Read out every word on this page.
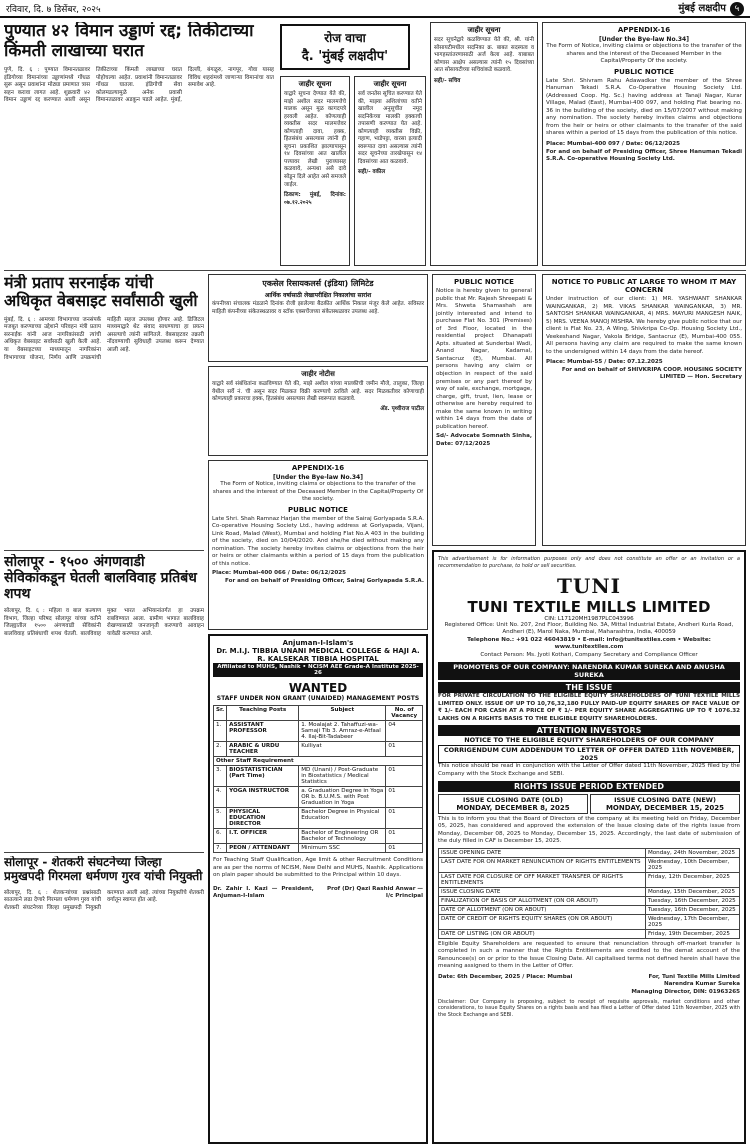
रविवार, दि. ७ डिसेंबर, २०२५	मुंबई लक्षदीप ५
पुण्यात ४२ विमान उड्डाणं रद्द; तिकीटाच्या किंमती लाखाच्या घरात
पुणे, दि. ६ : पुण्यात विमानतळावर इंडिगोच्या विमानांच्या उड्डाणांमध्ये गोंधळ सुरू असून प्रवाशांना मोठ्या प्रमाणात त्रास सहन करावा लागत आहे. शुक्रवारी ४२ विमान उड्डाणं रद्द करण्यात आली असून तिकीटाच्या किंमती लाखाच्या घरात पोहोचल्या आहेत. प्रवाशांनी विमानतळावर गोंधळ घातला. इंडिगोची सेवा कोलमडल्यामुळे अनेक प्रवासी विमानतळावर अडकून पडले आहेत. मुंबई, दिल्ली, बंगळुरु, नागपूर, गोवा यासह विविध शहरांमध्ये जाणाऱ्या विमानांचा यात समावेश आहे.
रोज वाचा
दै. 'मुंबई लक्षदीप'
जाहीर सूचना
याद्वारे सूचना देण्यात येते की, माझे अशील सदर मालमत्तेचे मालक असून मूळ कागदपत्रे हरवली आहेत. कोणत्याही व्यक्तीस सदर मालमत्तेवर कोणताही दावा, हक्क, हितसंबंध असल्यास त्यांनी ही सूचना प्रकाशित झाल्यापासून १४ दिवसांच्या आत खालील पत्त्यावर लेखी पुराव्यासह कळवावे, अन्यथा असे दावे सोडून दिले आहेत असे समजले जाईल.
ठिकाण: मुंबई, दिनांक: ०७.१२.२०२५
जाहीर सूचना
सर्व जनतेस सूचित करण्यात येते की, माझ्या अशिलांच्या वतीने खालील अनुसूचीत नमूद सदनिकेच्या मालकी हक्काची तपासणी करण्यात येत आहे. कोणत्याही व्यक्तीस विक्री, गहाण, भाडेपट्टा, वारसा इत्यादी स्वरूपात दावा असल्यास त्यांनी सदर सूचनेच्या तारखेपासून १४ दिवसांच्या आत कळवावे.
सही/- वकील
जाहीर सूचना
सदर सूचनेद्वारे कळविण्यात येते की, श्री. यांनी सोसायटीमधील सदनिका क्र. बाबत सदस्यत्व व भागहस्तांतरणासाठी अर्ज केला आहे. याबाबत कोणास आक्षेप असल्यास त्यांनी १५ दिवसांच्या आत सोसायटीच्या सचिवांकडे कळवावे.
सही/- सचिव
APPENDIX-16
[Under the Bye-law No.34]
The Form of Notice, inviting claims or objections to the transfer of the shares and the interest of the Deceased Member in the Capital/Property Of the society.
PUBLIC NOTICE
Late Shri. Shivram Rahu Adawadkar the member of the Shree Hanuman Tekadi S.R.A. Co-Operative Housing Society Ltd. (Addressed Coop. Hg. Sc.) having address at Tanaji Nagar, Kurar Village, Malad (East), Mumbai-400 097, and holding Flat bearing no. 36 in the building of the society, died on 15/07/2007 without making any nomination. The society hereby invites claims and objections from the heir or heirs or other claimants to the transfer of the said shares within a period of 15 days from the publication of this notice.
Place: Mumbai-400 097 / Date: 06/12/2025
For and on behalf of Presiding Officer, Shree Hanuman Tekadi S.R.A. Co-operative Housing Society Ltd.
मंत्री प्रताप सरनाईक यांची अधिकृत वेबसाइट सर्वांसाठी खुली
मुंबई, दि. ६ : आमच्या विभागाच्या जनसंपर्क मजबूत करण्याच्या उद्देशाने परिवहन मंत्री प्रताप सरनाईक यांनी आज नागरिकांसाठी त्यांची अधिकृत वेबसाइट सर्वांसाठी खुली केली आहे. या वेबसाइटच्या माध्यमातून नागरिकांना विभागाच्या योजना, निर्णय आणि उपक्रमांची माहिती सहज उपलब्ध होणार आहे. डिजिटल माध्यमाद्वारे थेट संवाद साधण्याचा हा प्रयत्न असल्याचे त्यांनी सांगितले. वेबसाइटवर तक्रारी नोंदवण्याची सुविधाही उपलब्ध करून देण्यात आली आहे.
एकसेल रिसायकलर्स (इंडिया) लिमिटेड
आर्थिक वर्षासाठी लेखापरीक्षित निकालांचा सारांश
कंपनीच्या संचालक मंडळाने दिनांक रोजी झालेल्या बैठकीत आर्थिक निकाल मंजूर केले आहेत. सविस्तर माहिती कंपनीच्या संकेतस्थळावर व स्टॉक एक्सचेंजच्या संकेतस्थळावर उपलब्ध आहे.
जाहीर नोटीस
याद्वारे सर्व संबंधितांना कळविण्यात येते की, माझे अशील यांच्या मालकीची जमीन मौजे, तालुका, जिल्हा येथील सर्वे नं. ची असून सदर मिळकत विक्री करण्याचे ठरविले आहे. सदर मिळकतीवर कोणाचाही कोणत्याही प्रकारचा हक्क, हितसंबंध असल्यास लेखी स्वरूपात कळवावे.
ॲड. पृथ्वीराज पाटील
PUBLIC NOTICE
Notice is hereby given to general public that Mr. Rajesh Shreepati & Mrs. Shweta Shamashah are jointly interested and intend to purchase Flat No. 301 (Premises) of 3rd Floor, located in the residential project Dhanapati Apts. situated at Sunderbai Wadi, Anand Nagar, Kadamal, Santacruz (E), Mumbai. All persons having any claim or objection in respect of the said premises or any part thereof by way of sale, exchange, mortgage, charge, gift, trust, lien, lease or otherwise are hereby required to make the same known in writing within 14 days from the date of publication hereof.
Sd/- Advocate Somnath Sinha, Date: 07/12/2025
NOTICE TO PUBLIC AT LARGE TO WHOM IT MAY CONCERN
Under instruction of our client: 1) MR. YASHWANT SHANKAR WAINGANKAR, 2) MR. VIKAS SHANKAR WAINGANKAR, 3) MR. SANTOSH SHANKAR WAINGANKAR, 4) MRS. MAYURI MANGESH NAIK, 5) MRS. VEENA MANOJ MISHRA. We hereby give public notice that our client is Flat No. 23, A Wing, Shivkripa Co-Op. Housing Society Ltd., Veekeshand Nagar, Vakola Bridge, Santacruz (E), Mumbai-400 055. All persons having any claim are required to make the same known to the undersigned within 14 days from the date hereof.
Place: Mumbai-55 / Date: 07.12.2025
For and on behalf of SHIVKRIPA COOP. HOUSING SOCIETY LIMITED — Hon. Secretary
APPENDIX-16
[Under the Bye-law No.34]
The Form of Notice, inviting claims or objections to the transfer of the shares and the interest of the Deceased Member in the Capital/Property Of the society.
PUBLIC NOTICE
Late Shri. Shah Ramnaz Harjan the member of the Sairaj Gorlyapada S.R.A. Co-operative Housing Society Ltd., having address at Gorlyapada, Vijani, Link Road, Malad (West), Mumbai and holding Flat No.A 403 in the building of the society, died on 10/04/2020. And she/he died without making any nomination. The society hereby invites claims or objections from the heir or heirs or other claimants within a period of 15 days from the publication of this notice.
Place: Mumbai-400 066 / Date: 06/12/2025
For and on behalf of Presiding Officer, Sairaj Gorlyapada S.R.A.
सोलापूर - १५०० अंगणवाडी सेविकांकडून घेतली बालविवाह प्रतिबंध शपथ
सोलापूर, दि. ६ : महिला व बाल कल्याण विभाग, जिल्हा परिषद सोलापूर यांच्या वतीने जिल्ह्यातील १५०० अंगणवाडी सेविकांनी बालविवाह प्रतिबंधाची शपथ घेतली. बालविवाह मुक्त भारत अभियानांतर्गत हा उपक्रम राबविण्यात आला. ग्रामीण भागात बालविवाह रोखण्यासाठी जनजागृती करण्याचे आवाहन यावेळी करण्यात आले.
सोलापूर - शेतकरी संघटनेच्या जिल्हा प्रमुखपदी गिरमला धर्मणण गुरव यांची नियुक्ती
सोलापूर, दि. ६ : शेतकऱ्यांच्या प्रश्नांसाठी सातत्याने लढा देणारे गिरमला धर्मणण गुरव यांची शेतकरी संघटनेच्या जिल्हा प्रमुखपदी नियुक्ती करण्यात आली आहे. त्यांच्या नियुक्तीचे शेतकरी वर्गातून स्वागत होत आहे.
Anjuman-I-Islam's
Dr. M.I.J. TIBBIA UNANI MEDICAL COLLEGE & HAJI A. R. KALSEKAR TIBBIA HOSPITAL
Affiliated to MUHS, Nashik • NCISM AEE Grade-A Institute 2025-26
WANTED
STAFF UNDER NON GRANT (UNAIDED) MANAGEMENT POSTS
Sr.	Teaching Posts	Subject	No. of Vacancy
1.	ASSISTANT PROFESSOR	1. Moalajat 2. Tahaffuzi-wa-Samaji Tib 3. Amraz-e-Atfaal 4. Ilaj-Bit-Tadabeer	04
2.	ARABIC & URDU TEACHER	Kulliyat	01
Other Staff Requirement			
3.	BIOSTATISTICIAN (Part Time)	MD (Unani) / Post-Graduate in Biostatistics / Medical Statistics	01
4.	YOGA INSTRUCTOR	a. Graduation Degree in Yoga OR b. B.U.M.S. with Post Graduation in Yoga	01
5.	PHYSICAL EDUCATION DIRECTOR	Bachelor Degree in Physical Education	01
6.	I.T. OFFICER	Bachelor of Engineering OR Bachelor of Technology	01
7.	PEON / ATTENDANT	Minimum SSC	01
For Teaching Staff Qualification, Age limit & other Recruitment Conditions are as per the norms of NCISM, New Delhi and MUHS, Nashik. Applications on plain paper should be submitted to the Principal within 10 days.
Dr. Zahir I. Kazi — President, Anjuman-I-Islam
Prof (Dr) Qazi Rashid Anwar — I/c Principal
This advertisement is for information purposes only and does not constitute an offer or an invitation or a recommendation to purchase, to hold or sell securities.
TUNI
TUNI TEXTILE MILLS LIMITED
CIN: L17120MH1987PLC043996
Registered Office: Unit No. 207, 2nd Floor, Building No. 3A, Mittal Industrial Estate, Andheri Kurla Road, Andheri (E), Marol Naka, Mumbai, Maharashtra, India, 400059
Telephone No.: +91 022 46043819 • E-mail: info@tunitextiles.com • Website: www.tunitextiles.com
Contact Person: Ms. Jyoti Kothari, Company Secretary and Compliance Officer
PROMOTERS OF OUR COMPANY: NARENDRA KUMAR SUREKA AND ANUSHA SUREKA
THE ISSUE
FOR PRIVATE CIRCULATION TO THE ELIGIBLE EQUITY SHAREHOLDERS OF TUNI TEXTILE MILLS LIMITED ONLY. ISSUE OF UP TO 10,76,32,180 FULLY PAID-UP EQUITY SHARES OF FACE VALUE OF ₹ 1/- EACH FOR CASH AT A PRICE OF ₹ 1/- PER EQUITY SHARE AGGREGATING UP TO ₹ 1076.32 LAKHS ON A RIGHTS BASIS TO THE ELIGIBLE EQUITY SHAREHOLDERS.
ATTENTION INVESTORS
NOTICE TO THE ELIGIBLE EQUITY SHAREHOLDERS OF OUR COMPANY
CORRIGENDUM CUM ADDENDUM TO LETTER OF OFFER DATED 11th NOVEMBER, 2025
This notice should be read in conjunction with the Letter of Offer dated 11th November, 2025 filed by the Company with the Stock Exchange and SEBI.
RIGHTS ISSUE PERIOD EXTENDED
ISSUE CLOSING DATE (OLD)
MONDAY, DECEMBER 8, 2025
ISSUE CLOSING DATE (NEW)
MONDAY, DECEMBER 15, 2025
This is to inform you that the Board of Directors of the company at its meeting held on Friday, December 05, 2025, has considered and approved the extension of the Issue closing date of the rights issue from Monday, December 08, 2025 to Monday, December 15, 2025. Accordingly, the last date of submission of the duly filled in CAF is December 15, 2025.
ISSUE OPENING DATE	Monday, 24th November, 2025
LAST DATE FOR ON MARKET RENUNCIATION OF RIGHTS ENTITLEMENTS	Wednesday, 10th December, 2025
LAST DATE FOR CLOSURE OF OFF MARKET TRANSFER OF RIGHTS ENTITLEMENTS	Friday, 12th December, 2025
ISSUE CLOSING DATE	Monday, 15th December, 2025
FINALIZATION OF BASIS OF ALLOTMENT (ON OR ABOUT)	Tuesday, 16th December, 2025
DATE OF ALLOTMENT (ON OR ABOUT)	Tuesday, 16th December, 2025
DATE OF CREDIT OF RIGHTS EQUITY SHARES (ON OR ABOUT)	Wednesday, 17th December, 2025
DATE OF LISTING (ON OR ABOUT)	Friday, 19th December, 2025
Eligible Equity Shareholders are requested to ensure that renunciation through off-market transfer is completed in such a manner that the Rights Entitlements are credited to the demat account of the Renouncee(s) on or prior to the Issue Closing Date. All capitalised terms not defined herein shall have the meaning assigned to them in the Letter of Offer.
Date: 6th December, 2025 / Place: Mumbai	For, Tuni Textile Mills Limited
Narendra Kumar Sureka
Managing Director, DIN: 01963265
Disclaimer: Our Company is proposing, subject to receipt of requisite approvals, market conditions and other considerations, to issue Equity Shares on a rights basis and has filed a Letter of Offer dated 11th November, 2025 with the Stock Exchange and SEBI.
